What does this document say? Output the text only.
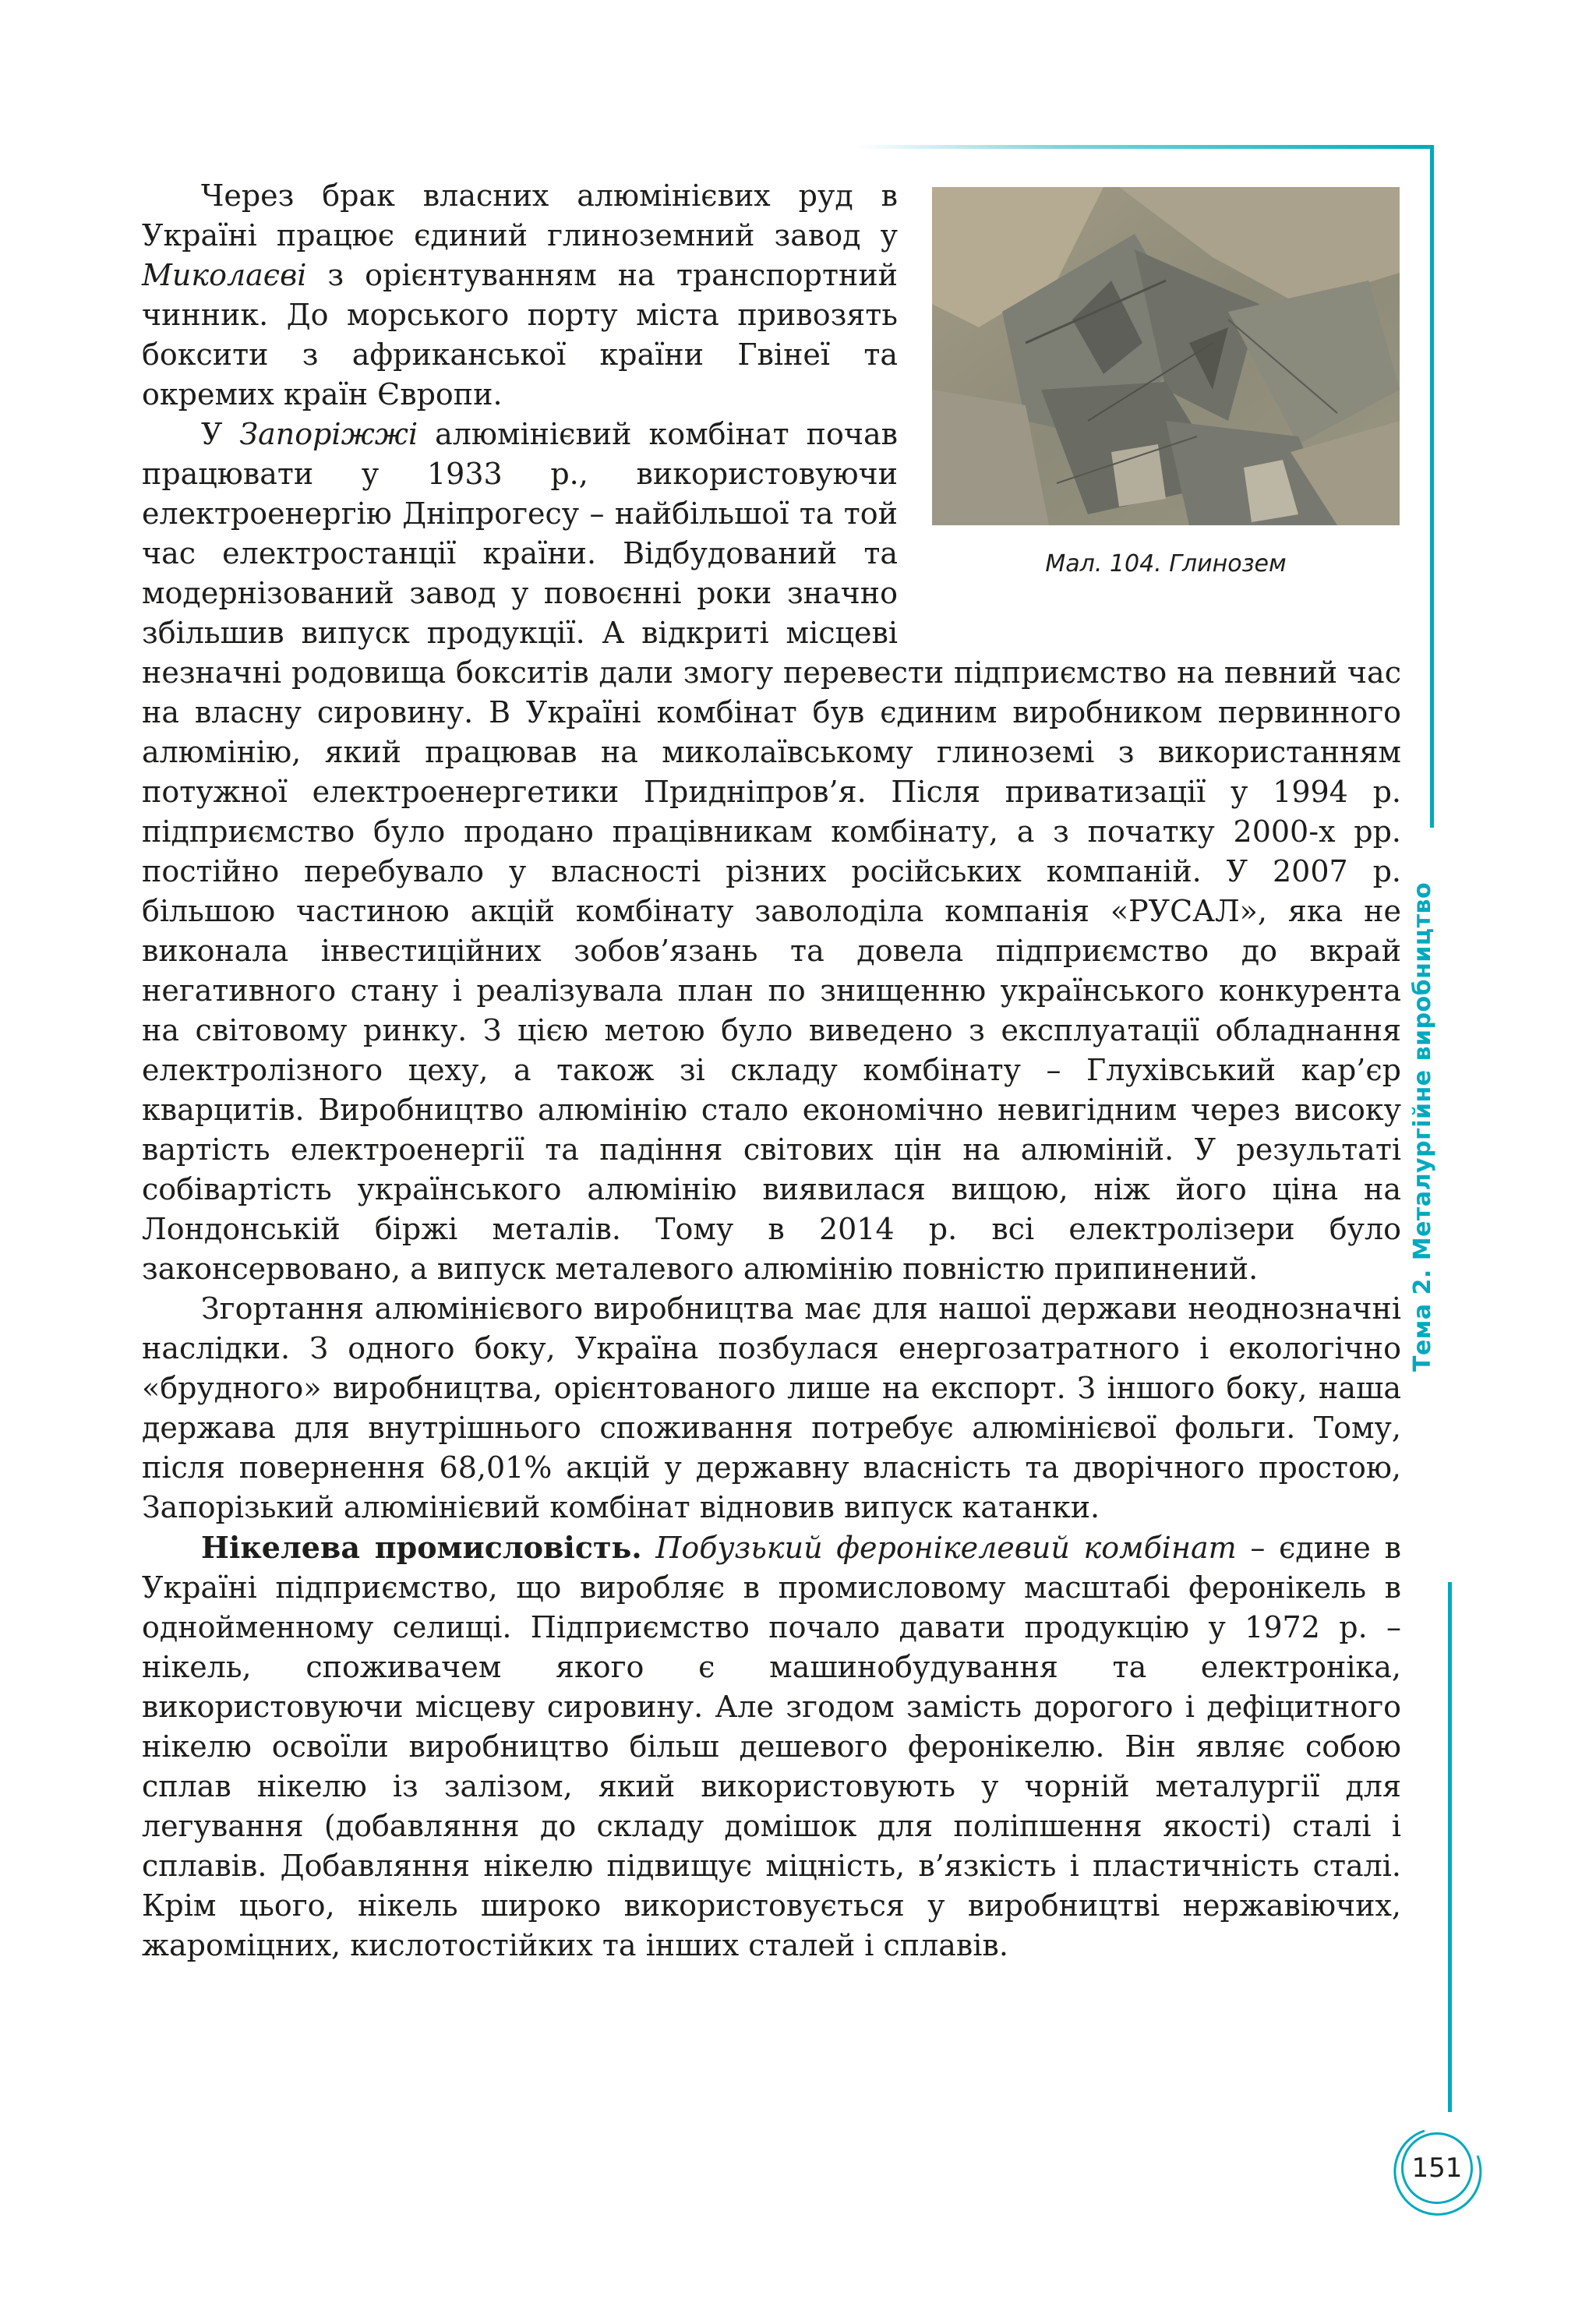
Мал. 104. Глинозем

Через брак власних алюмінієвих руд в Україні працює єдиний глиноземний завод у Миколаєві з орієнтуванням на транспортний чинник. До морського порту міста привозять боксити з африканської країни Гвінеї та окремих країн Європи.

У Запоріжжі алюмінієвий комбінат почав працювати у 1933 р., використовуючи електроенергію Дніпрогесу – найбільшої та той час електростанції країни. Відбудований та модернізований завод у повоєнні роки значно збільшив випуск продукції. А відкриті місцеві незначні родовища бокситів дали змогу перевести підприємство на певний час на власну сировину. В Україні комбінат був єдиним виробником первинного алюмінію, який працював на миколаївському глиноземі з використанням потужної електроенергетики Придніпров’я. Після приватизації у 1994 р. підприємство було продано працівникам комбінату, а з початку 2000-х рр. постійно перебувало у власності різних російських компаній. У 2007 р. більшою частиною акцій комбінату заволоділа компанія «РУСАЛ», яка не виконала інвестиційних зобов’язань та довела підприємство до вкрай негативного стану і реалізувала план по знищенню українського конкурента на світовому ринку. З цією метою було виведено з експлуатації обладнання електролізного цеху, а також зі складу комбінату – Глухівський кар’єр кварцитів. Виробництво алюмінію стало економічно невигідним через високу вартість електроенергії та падіння світових цін на алюміній. У результаті собівартість українського алюмінію виявилася вищою, ніж його ціна на Лондонській біржі металів. Тому в 2014 р. всі електролізери було законсервовано, а випуск металевого алюмінію повністю припинений.

Згортання алюмінієвого виробництва має для нашої держави неоднозначні наслідки. З одного боку, Україна позбулася енергозатратного і екологічно «брудного» виробництва, орієнтованого лише на експорт. З іншого боку, наша держава для внутрішнього споживання потребує алюмінієвої фольги. Тому, після повернення 68,01% акцій у державну власність та дворічного простою, Запорізький алюмінієвий комбінат відновив випуск катанки.

Нікелева промисловість. Побузький феронікелевий комбінат – єдине в Україні підприємство, що виробляє в промисловому масштабі феронікель в однойменному селищі. Підприємство почало давати продукцію у 1972 р. – нікель, споживачем якого є машинобудування та електроніка, використовуючи місцеву сировину. Але згодом замість дорогого і дефіцитного нікелю освоїли виробництво більш дешевого феронікелю. Він являє собою сплав нікелю із залізом, який використовують у чорній металургії для легування (добавляння до складу домішок для поліпшення якості) сталі і сплавів. Добавляння нікелю підвищує міцність, в’язкість і пластичність сталі. Крім цього, нікель широко використовується у виробництві нержавіючих, жароміцних, кислотостійких та інших сталей і сплавів.

Тема 2. Металургійне виробництво
151
